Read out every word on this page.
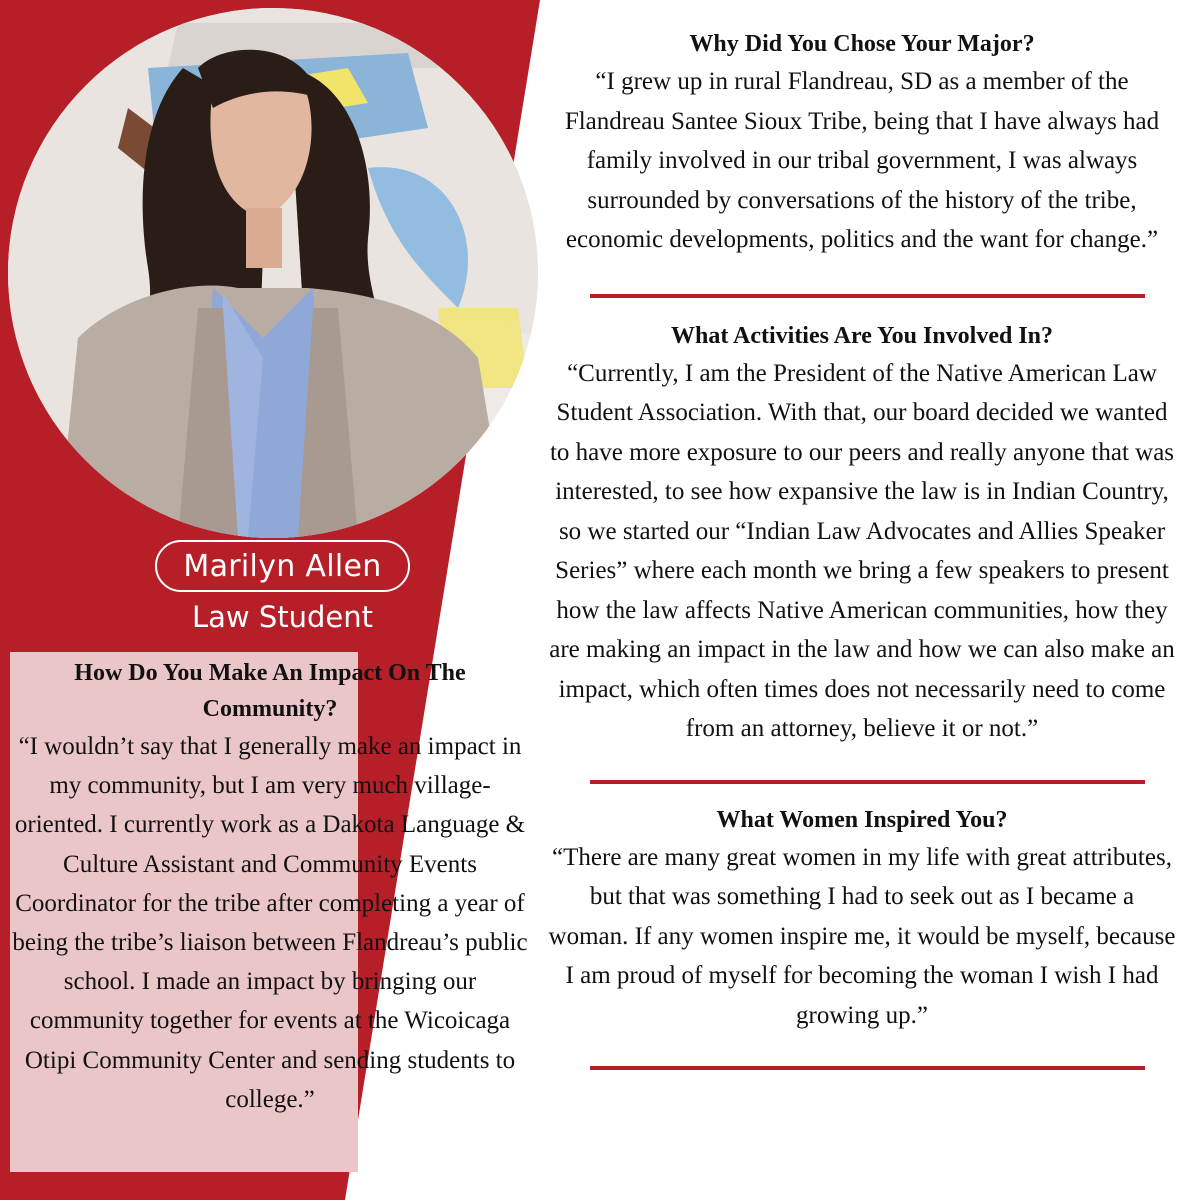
Marilyn Allen
Law Student
How Do You Make An Impact On The Community?
“I wouldn’t say that I generally make an impact in my community, but I am very much village-oriented. I currently work as a Dakota Language & Culture Assistant and Community Events Coordinator for the tribe after completing a year of being the tribe’s liaison between Flandreau’s public school. I made an impact by bringing our community together for events at the Wicoicaga Otipi Community Center and sending students to college.”
Why Did You Chose Your Major?
“I grew up in rural Flandreau, SD as a member of the Flandreau Santee Sioux Tribe, being that I have always had family involved in our tribal government, I was always surrounded by conversations of the history of the tribe, economic developments, politics and the want for change.”
What Activities Are You Involved In?
“Currently, I am the President of the Native American Law Student Association. With that, our board decided we wanted to have more exposure to our peers and really anyone that was interested, to see how expansive the law is in Indian Country, so we started our “Indian Law Advocates and Allies Speaker Series” where each month we bring a few speakers to present how the law affects Native American communities, how they are making an impact in the law and how we can also make an impact, which often times does not necessarily need to come from an attorney, believe it or not.”
What Women Inspired You?
“There are many great women in my life with great attributes, but that was something I had to seek out as I became a woman. If any women inspire me, it would be myself, because I am proud of myself for becoming the woman I wish I had growing up.”
